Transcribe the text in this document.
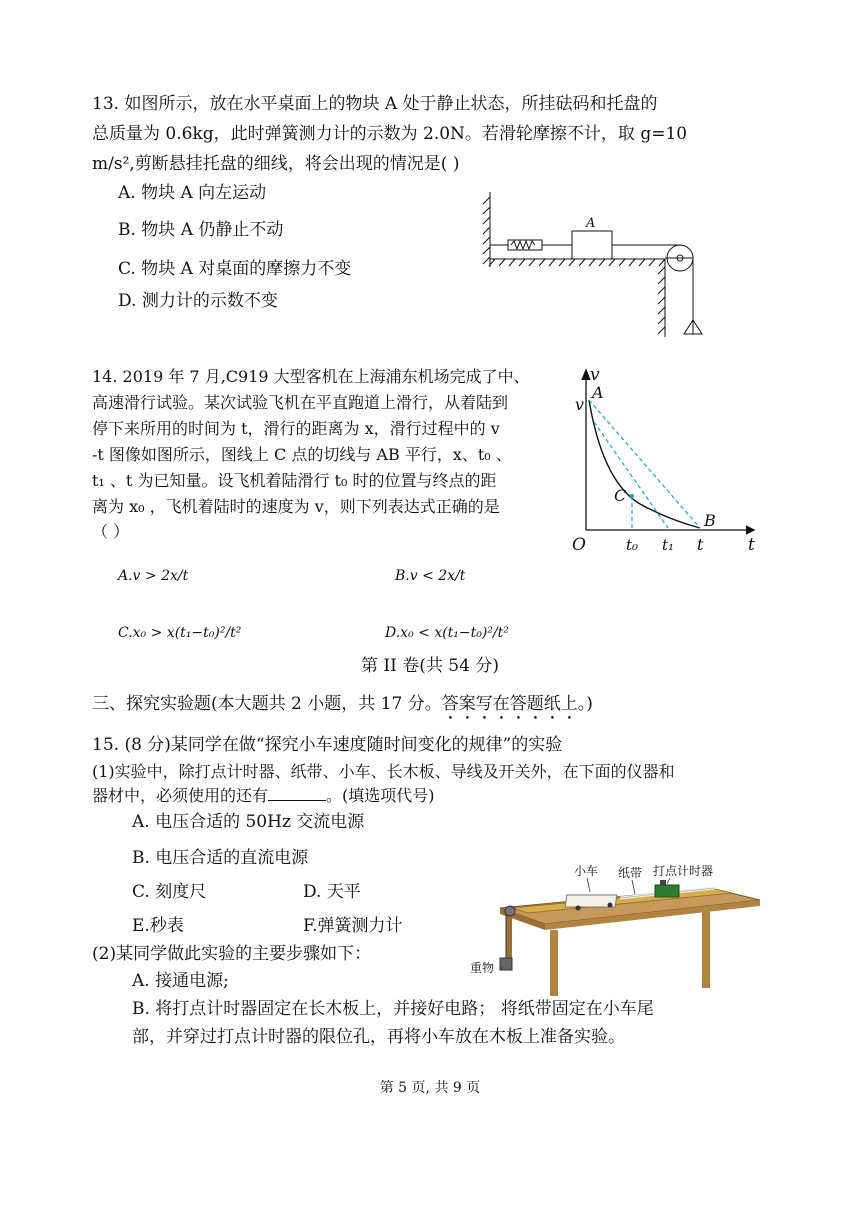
13. 如图所示，放在水平桌面上的物块 A 处于静止状态，所挂砝码和托盘的
总质量为 0.6kg，此时弹簧测力计的示数为 2.0N。若滑轮摩擦不计，取 g=10
m/s²,剪断悬挂托盘的细线，将会出现的情况是( )
A. 物块 A 向左运动
B. 物块 A 仍静止不动
C. 物块 A 对桌面的摩擦力不变
D. 测力计的示数不变
A
14. 2019 年 7 月,C919 大型客机在上海浦东机场完成了中、
高速滑行试验。某次试验飞机在平直跑道上滑行，从着陆到
停下来所用的时间为 t，滑行的距离为 x，滑行过程中的 v
-t 图像如图所示，图线上 C 点的切线与 AB 平行，x、t₀ 、
t₁ 、t 为已知量。设飞机着陆滑行 t₀ 时的位置与终点的距
离为 x₀ ，飞机着陆时的速度为 v，则下列表达式正确的是
（ ）
v
v
A
C
B
O	t₀ t₁ t	t
A.v > 2x/t	B.v < 2x/t
C.x₀ > x(t₁−t₀)²/t²	D.x₀ < x(t₁−t₀)²/t²
第 II 卷(共 54 分)
三、探究实验题(本大题共 2 小题，共 17 分。答案写在答题纸上。)
15. (8 分)某同学在做“探究小车速度随时间变化的规律”的实验
(1)实验中，除打点计时器、纸带、小车、长木板、导线及开关外，在下面的仪器和
器材中，必须使用的还有	。(填选项代号)
A. 电压合适的 50Hz 交流电源
B. 电压合适的直流电源
C. 刻度尺	D. 天平
E.秒表	F.弹簧测力计
(2)某同学做此实验的主要步骤如下：
A. 接通电源;
B. 将打点计时器固定在长木板上，并接好电路； 将纸带固定在小车尾
部，并穿过打点计时器的限位孔，再将小车放在木板上准备实验。
小车 纸带 打点计时器
重物
第 5 页, 共 9 页
